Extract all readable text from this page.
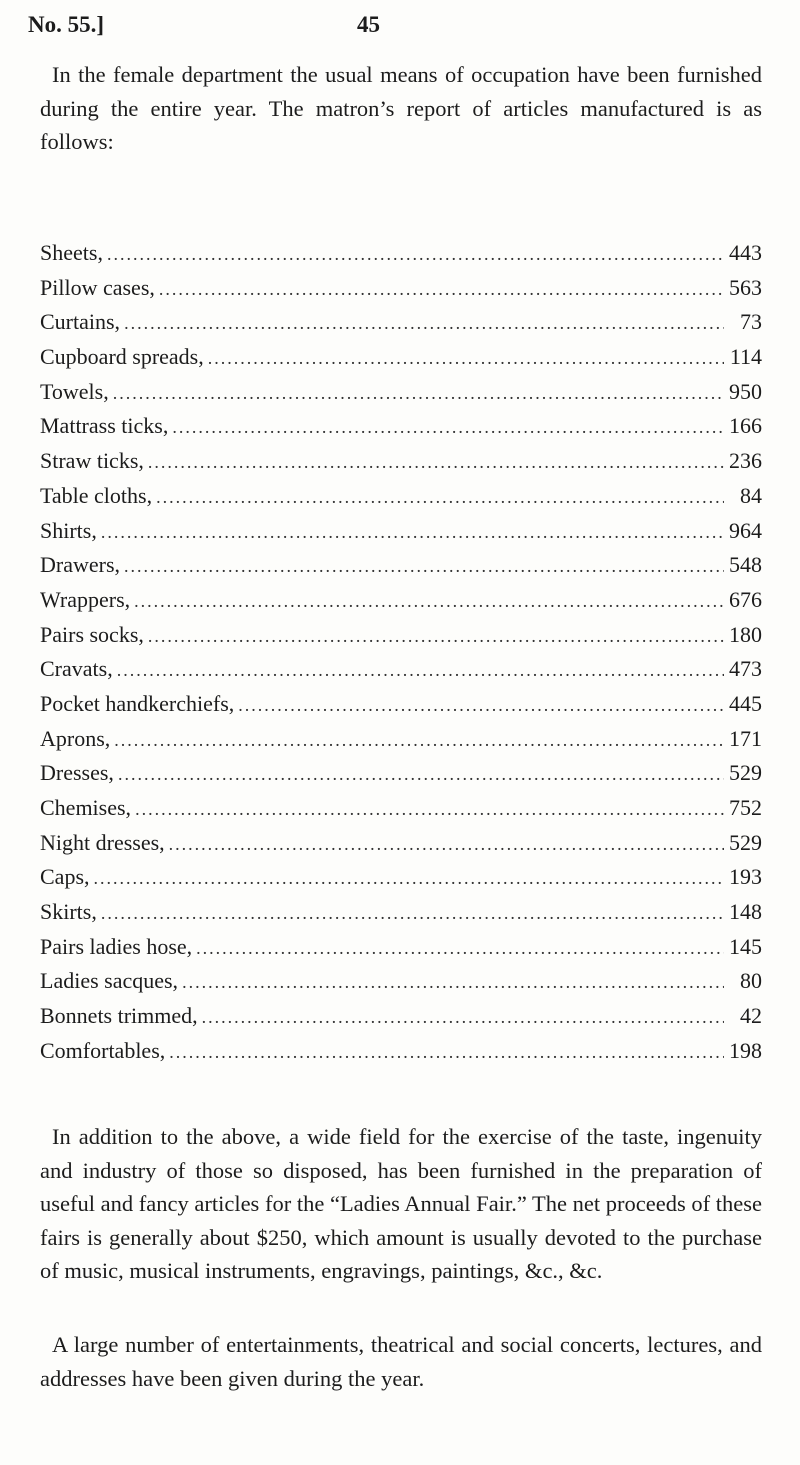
No. 55.]	45

In the female department the usual means of occupation have been furnished during the entire year. The matron’s report of articles manufactured is as follows:

Sheets, .....	443
Pillow cases, .....	563
Curtains, .....	73
Cupboard spreads, .....	114
Towels, .....	950
Mattrass ticks, .....	166
Straw ticks, .....	236
Table cloths, .....	84
Shirts, .....	964
Drawers, .....	548
Wrappers, .....	676
Pairs socks, .....	180
Cravats, .....	473
Pocket handkerchiefs, .....	445
Aprons, .....	171
Dresses, .....	529
Chemises, .....	752
Night dresses, .....	529
Caps, .....	193
Skirts, .....	148
Pairs ladies hose, .....	145
Ladies sacques, .....	80
Bonnets trimmed, .....	42
Comfortables, .....	198

In addition to the above, a wide field for the exercise of the taste, ingenuity and industry of those so disposed, has been furnished in the preparation of useful and fancy articles for the “Ladies Annual Fair.” The net proceeds of these fairs is generally about $250, which amount is usually devoted to the purchase of music, musical instruments, engravings, paintings, &c., &c.

A large number of entertainments, theatrical and social concerts, lectures, and addresses have been given during the year.
